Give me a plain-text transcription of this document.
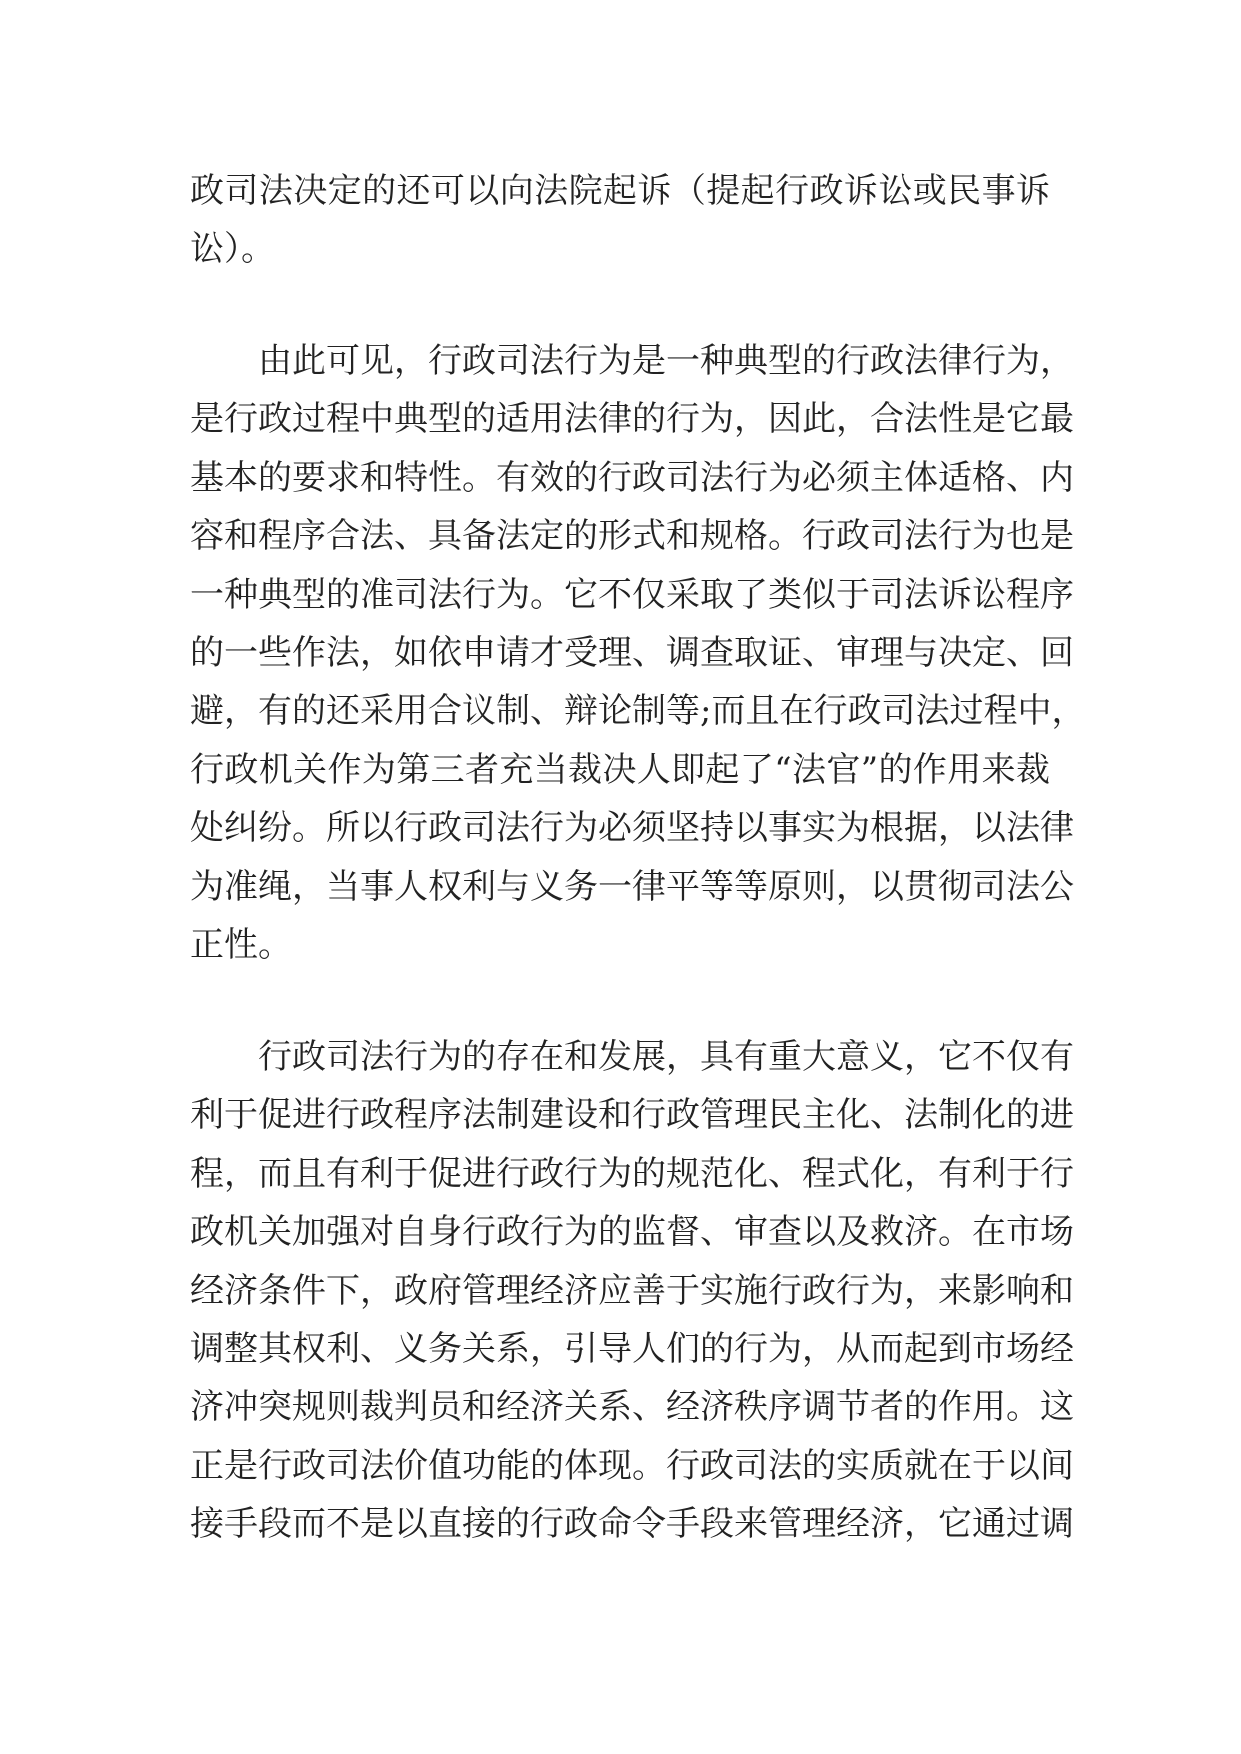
政司法决定的还可以向法院起诉（提起行政诉讼或民事诉
讼）。
由此可见，行政司法行为是一种典型的行政法律行为，
是行政过程中典型的适用法律的行为，因此，合法性是它最
基本的要求和特性。有效的行政司法行为必须主体适格、内
容和程序合法、具备法定的形式和规格。行政司法行为也是
一种典型的准司法行为。它不仅采取了类似于司法诉讼程序
的一些作法，如依申请才受理、调查取证、审理与决定、回
避，有的还采用合议制、辩论制等;而且在行政司法过程中，
行政机关作为第三者充当裁决人即起了“法官”的作用来裁
处纠纷。所以行政司法行为必须坚持以事实为根据，以法律
为准绳，当事人权利与义务一律平等等原则，以贯彻司法公
正性。
行政司法行为的存在和发展，具有重大意义，它不仅有
利于促进行政程序法制建设和行政管理民主化、法制化的进
程，而且有利于促进行政行为的规范化、程式化，有利于行
政机关加强对自身行政行为的监督、审查以及救济。在市场
经济条件下，政府管理经济应善于实施行政行为，来影响和
调整其权利、义务关系，引导人们的行为，从而起到市场经
济冲突规则裁判员和经济关系、经济秩序调节者的作用。这
正是行政司法价值功能的体现。行政司法的实质就在于以间
接手段而不是以直接的行政命令手段来管理经济，它通过调
